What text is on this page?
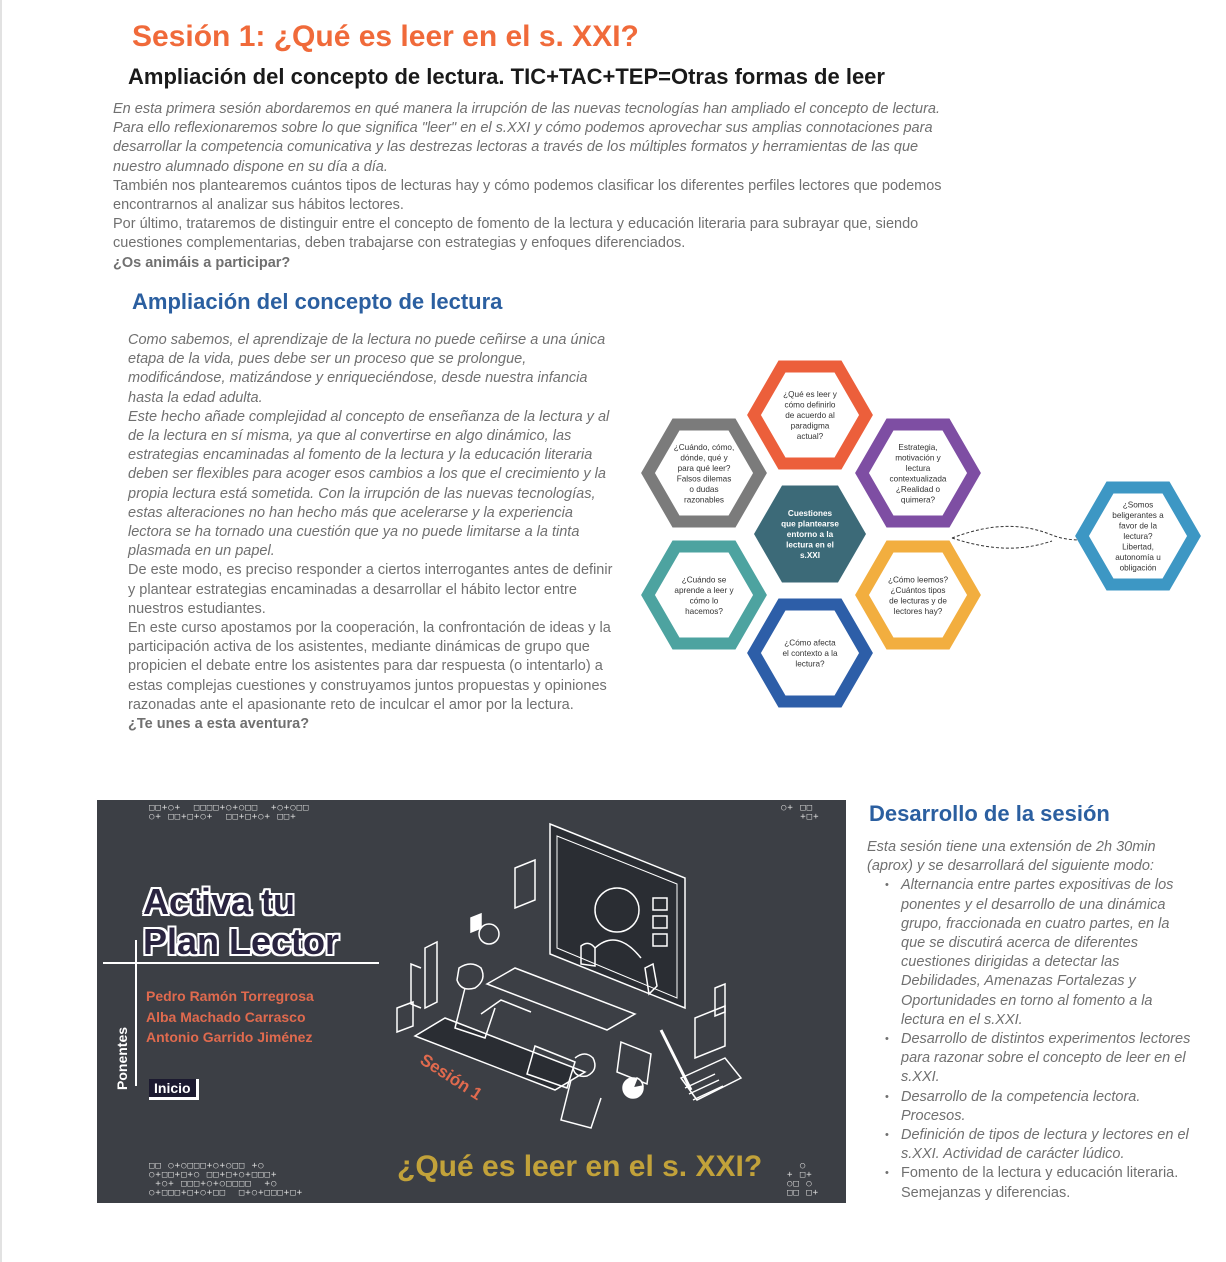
Sesión 1: ¿Qué es leer en el s. XXI?
Ampliación del concepto de lectura. TIC+TAC+TEP=Otras formas de leer

En esta primera sesión abordaremos en qué manera la irrupción de las nuevas tecnologías han ampliado el concepto de lectura. Para ello reflexionaremos sobre lo que significa "leer" en el s.XXI y cómo podemos aprovechar sus amplias connotaciones para desarrollar la competencia comunicativa y las destrezas lectoras a través de los múltiples formatos y herramientas de las que nuestro alumnado dispone en su día a día.

También nos plantearemos cuántos tipos de lecturas hay y cómo podemos clasificar los diferentes perfiles lectores que podemos encontrarnos al analizar sus hábitos lectores.

Por último, trataremos de distinguir entre el concepto de fomento de la lectura y educación literaria para subrayar que, siendo cuestiones complementarias, deben trabajarse con estrategias y enfoques diferenciados.

¿Os animáis a participar?

Ampliación del concepto de lectura

Como sabemos, el aprendizaje de la lectura no puede ceñirse a una única etapa de la vida, pues debe ser un proceso que se prolongue, modificándose, matizándose y enriqueciéndose, desde nuestra infancia hasta la edad adulta.

Este hecho añade complejidad al concepto de enseñanza de la lectura y al de la lectura en sí misma, ya que al convertirse en algo dinámico, las estrategias encaminadas al fomento de la lectura y la educación literaria deben ser flexibles para acoger esos cambios a los que el crecimiento y la propia lectura está sometida. Con la irrupción de las nuevas tecnologías, estas alteraciones no han hecho más que acelerarse y la experiencia lectora se ha tornado una cuestión que ya no puede limitarse a la tinta plasmada en un papel.

De este modo, es preciso responder a ciertos interrogantes antes de definir y plantear estrategias encaminadas a desarrollar el hábito lector entre nuestros estudiantes.

En este curso apostamos por la cooperación, la confrontación de ideas y la participación activa de los asistentes, mediante dinámicas de grupo que propicien el debate entre los asistentes para dar respuesta (o intentarlo) a estas complejas cuestiones y construyamos juntos propuestas y opiniones razonadas ante el apasionante reto de inculcar el amor por la lectura.

¿Te unes a esta aventura?

Cuestiones
que plantearse
entorno a la
lectura en el
s.XXI
¿Qué es leer y
cómo definirlo
de acuerdo al
paradigma
actual?
¿Cuándo, cómo,
dónde, qué y
para qué leer?
Falsos dilemas
o dudas
razonables
Estrategia,
motivación y
lectura
contextualizada
¿Realidad o
quimera?
¿Cuándo se
aprende a leer y
cómo lo
hacemos?
¿Cómo leemos?
¿Cuántos tipos
de lecturas y de
lectores hay?
¿Cómo afecta
el contexto a la
lectura?
¿Somos
beligerantes a
favor de la
lectura?
Libertad,
autonomía u
obligación
□□+○+  □□□□+○+○□□  +○+○□□
○+ □□+□+○+  □□+□+○+ □□+
○+ □□
+□+
□□ ○+○□□□+○+○□□ +○
○+□□+□+○ □□+□+○+□□□+
+○+ □□□+○+○□□□□  +○
○+□□□+□+○+□□  □+○+□□□+□+
○
+ □+
○□ ○
□□ □+
Activa tu
Plan Lector
Ponentes
Pedro Ramón Torregrosa
Alba Machado Carrasco
Antonio Garrido Jiménez
Inicio	Sesión 1
¿Qué es leer en el s. XXI?
Desarrollo de la sesión

Esta sesión tiene una extensión de 2h 30min (aprox) y se desarrollará del siguiente modo:

• Alternancia entre partes expositivas de los ponentes y el desarrollo de una dinámica grupo, fraccionada en cuatro partes, en la que se discutirá acerca de diferentes cuestiones dirigidas a detectar las Debilidades, Amenazas Fortalezas y Oportunidades en torno al fomento a la lectura en el s.XXI.
• Desarrollo de distintos experimentos lectores para razonar sobre el concepto de leer en el s.XXI.
• Desarrollo de la competencia lectora. Procesos.
• Definición de tipos de lectura y lectores en el s.XXI. Actividad de carácter lúdico.
• Fomento de la lectura y educación literaria. Semejanzas y diferencias.
